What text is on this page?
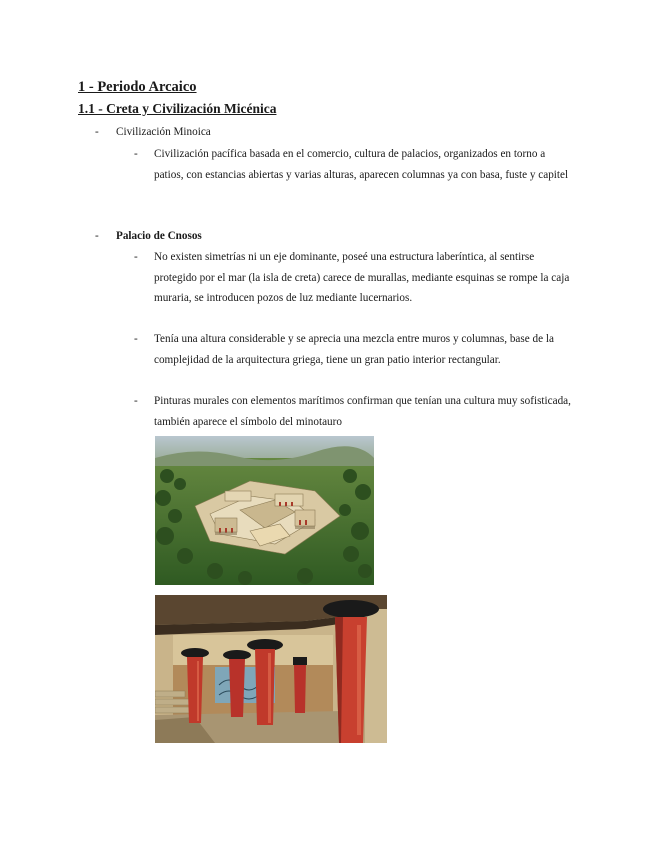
1 - Periodo Arcaico
1.1 - Creta y Civilización Micénica
- Civilización Minoica
- Civilización pacífica basada en el comercio, cultura de palacios, organizados en torno a patios, con estancias abiertas y varias alturas, aparecen columnas ya con basa, fuste y capitel
- Palacio de Cnosos
- No existen simetrías ni un eje dominante, poseé una estructura laberíntica, al sentirse protegido por el mar (la isla de creta) carece de murallas, mediante esquinas se rompe la caja muraria, se introducen pozos de luz mediante lucernarios.
- Tenía una altura considerable y se aprecia una mezcla entre muros y columnas, base de la complejidad de la arquitectura griega, tiene un gran patio interior rectangular.
- Pinturas murales con elementos marítimos confirman que tenían una cultura muy sofisticada, también aparece el símbolo del minotauro
